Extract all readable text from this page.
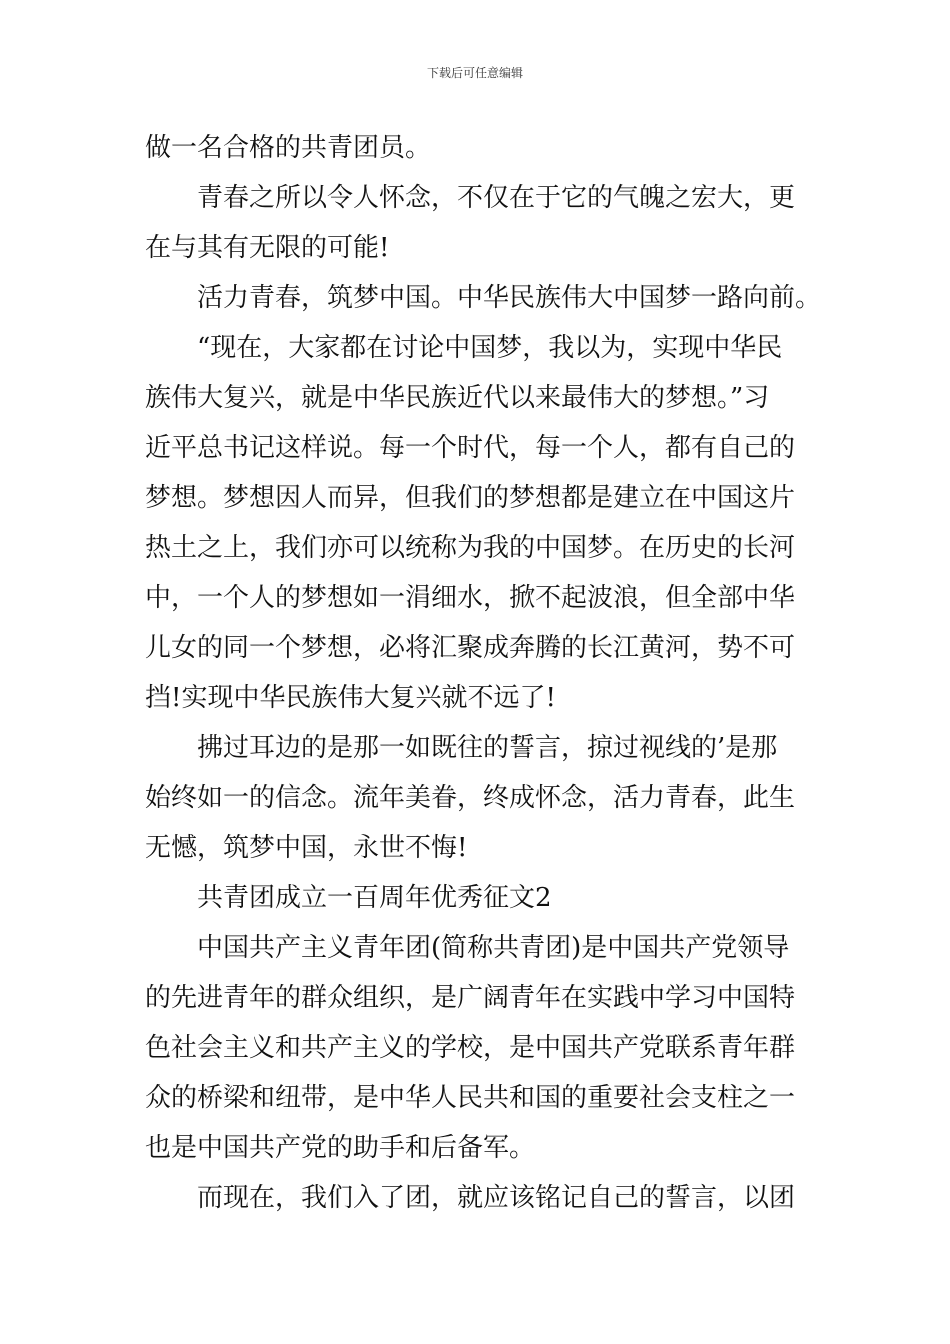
下载后可任意编辑
做一名合格的共青团员。
青春之所以令人怀念，不仅在于它的气魄之宏大，更
在与其有无限的可能!
活力青春，筑梦中国。中华民族伟大中国梦一路向前。
“现在，大家都在讨论中国梦，我以为，实现中华民
族伟大复兴，就是中华民族近代以来最伟大的梦想。”习
近平总书记这样说。每一个时代，每一个人，都有自己的
梦想。梦想因人而异，但我们的梦想都是建立在中国这片
热土之上，我们亦可以统称为我的中国梦。在历史的长河
中，一个人的梦想如一涓细水，掀不起波浪，但全部中华
儿女的同一个梦想，必将汇聚成奔腾的长江黄河，势不可
挡!实现中华民族伟大复兴就不远了!
拂过耳边的是那一如既往的誓言，掠过视线的’是那
始终如一的信念。流年美眷，终成怀念，活力青春，此生
无憾，筑梦中国，永世不悔!
共青团成立一百周年优秀征文2
中国共产主义青年团(简称共青团)是中国共产党领导
的先进青年的群众组织，是广阔青年在实践中学习中国特
色社会主义和共产主义的学校，是中国共产党联系青年群
众的桥梁和纽带，是中华人民共和国的重要社会支柱之一
也是中国共产党的助手和后备军。
而现在，我们入了团，就应该铭记自己的誓言，以团
